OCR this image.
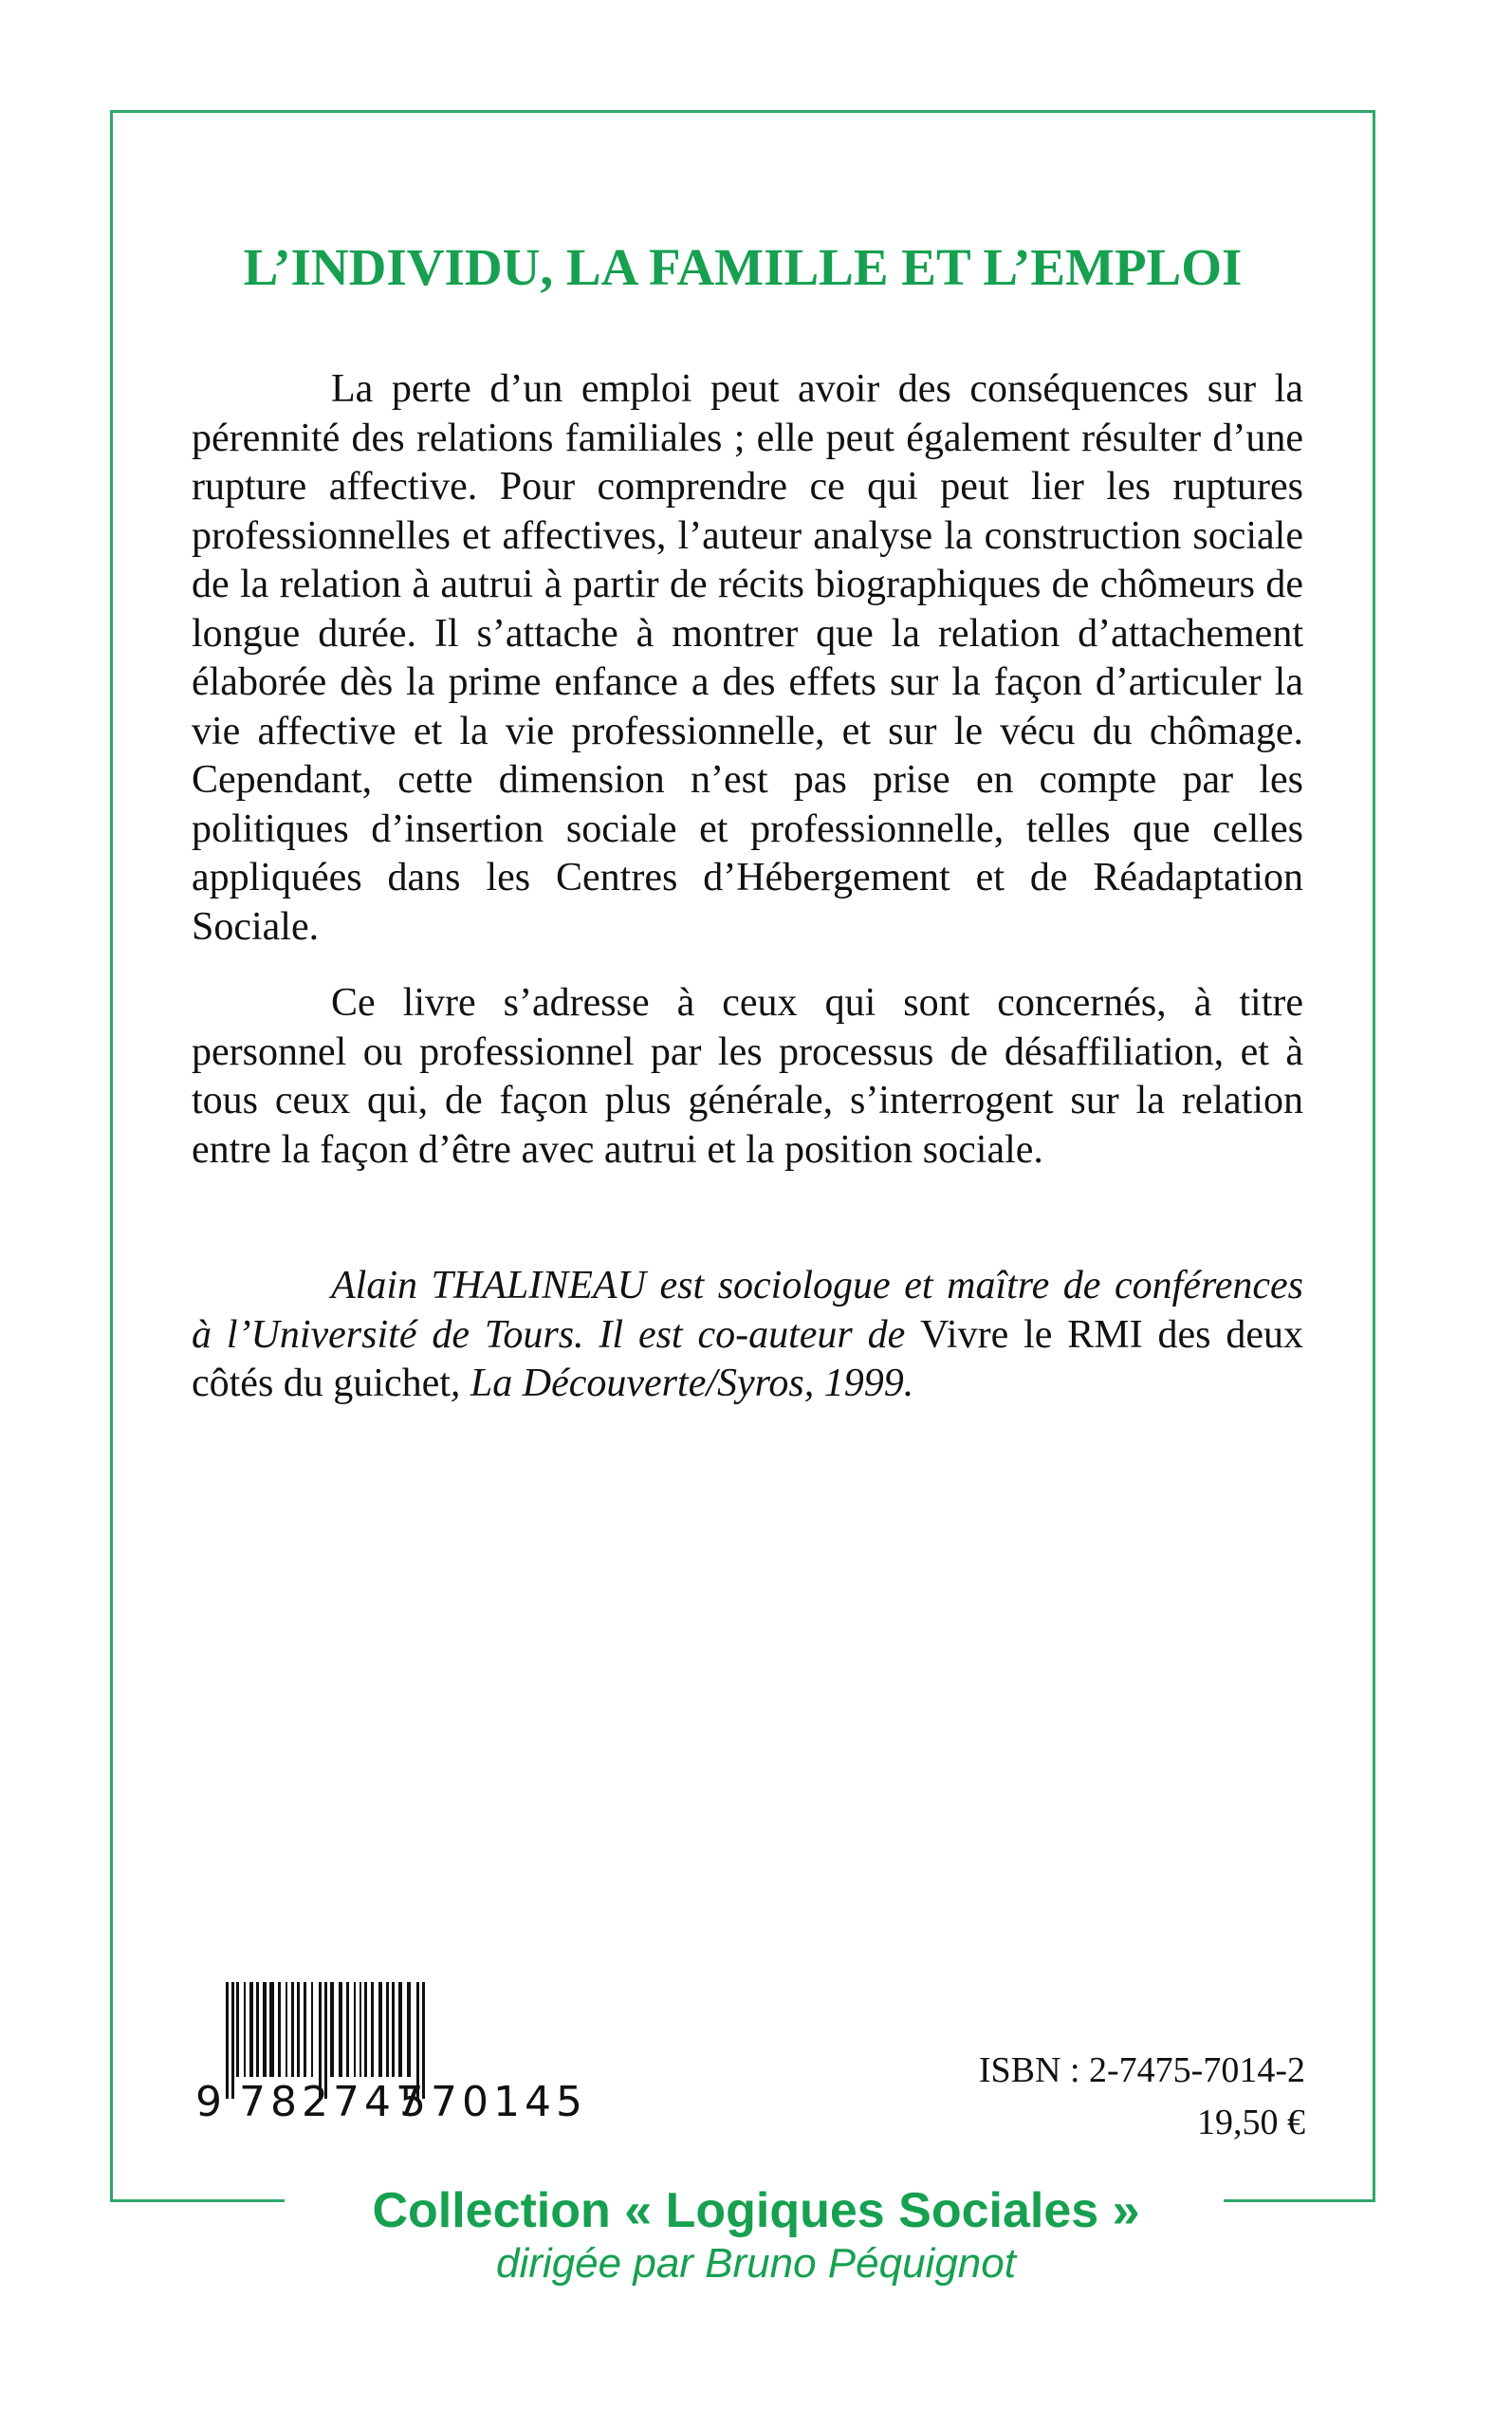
L’INDIVIDU, LA FAMILLE ET L’EMPLOI

La perte d’un emploi peut avoir des conséquences sur la pérennité des relations familiales ; elle peut également résulter d’une rupture affective. Pour comprendre ce qui peut lier les ruptures professionnelles et affectives, l’auteur analyse la construction sociale de la relation à autrui à partir de récits biographiques de chômeurs de longue durée. Il s’attache à montrer que la relation d’attachement élaborée dès la prime enfance a des effets sur la façon d’articuler la vie affective et la vie professionnelle, et sur le vécu du chômage. Cependant, cette dimension n’est pas prise en compte par les politiques d’insertion sociale et professionnelle, telles que celles appliquées dans les Centres d’Hébergement et de Réadaptation Sociale.

Ce livre s’adresse à ceux qui sont concernés, à titre personnel ou professionnel par les processus de désaffiliation, et à tous ceux qui, de façon plus générale, s’interrogent sur la relation entre la façon d’être avec autrui et la position sociale.

Alain THALINEAU est sociologue et maître de conférences à l’Université de Tours. Il est co-auteur de Vivre le RMI des deux côtés du guichet, La Découverte/Syros, 1999.

9 782747
570145
ISBN : 2-7475-7014-2
19,50 €
Collection « Logiques Sociales »
dirigée par Bruno Péquignot
